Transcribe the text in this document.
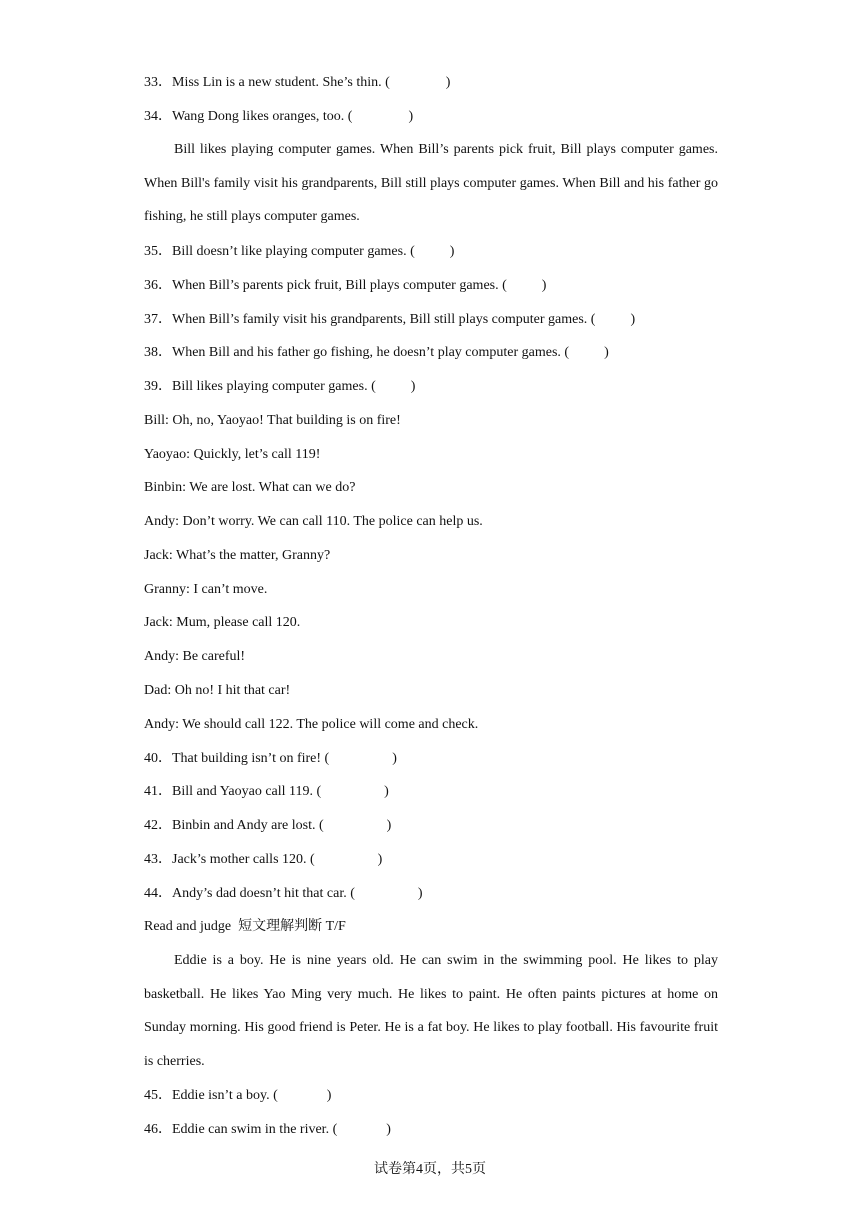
33．Miss Lin is a new student. She’s thin. (                )
34．Wang Dong likes oranges, too. (                )
Bill likes playing computer games. When Bill’s parents pick fruit, Bill plays computer games. When Bill's family visit his grandparents, Bill still plays computer games. When Bill and his father go fishing, he still plays computer games.
35．Bill doesn’t like playing computer games. (          )
36．When Bill’s parents pick fruit, Bill plays computer games. (          )
37．When Bill’s family visit his grandparents, Bill still plays computer games. (          )
38．When Bill and his father go fishing, he doesn’t play computer games. (          )
39．Bill likes playing computer games. (          )
Bill: Oh, no, Yaoyao! That building is on fire!
Yaoyao: Quickly, let’s call 119!
Binbin: We are lost. What can we do?
Andy: Don’t worry. We can call 110. The police can help us.
Jack: What’s the matter, Granny?
Granny: I can’t move.
Jack: Mum, please call 120.
Andy: Be careful!
Dad: Oh no! I hit that car!
Andy: We should call 122. The police will come and check.
40．That building isn’t on fire! (                  )
41．Bill and Yaoyao call 119. (                  )
42．Binbin and Andy are lost. (                  )
43．Jack’s mother calls 120. (                  )
44．Andy’s dad doesn’t hit that car. (                  )
Read and judge  短文理解判断 T/F
Eddie is a boy. He is nine years old. He can swim in the swimming pool. He likes to play basketball. He likes Yao Ming very much. He likes to paint. He often paints pictures at home on Sunday morning. His good friend is Peter. He is a fat boy. He likes to play football. His favourite fruit is cherries.
45．Eddie isn’t a boy. (              )
46．Eddie can swim in the river. (              )
试卷第4页，共5页
